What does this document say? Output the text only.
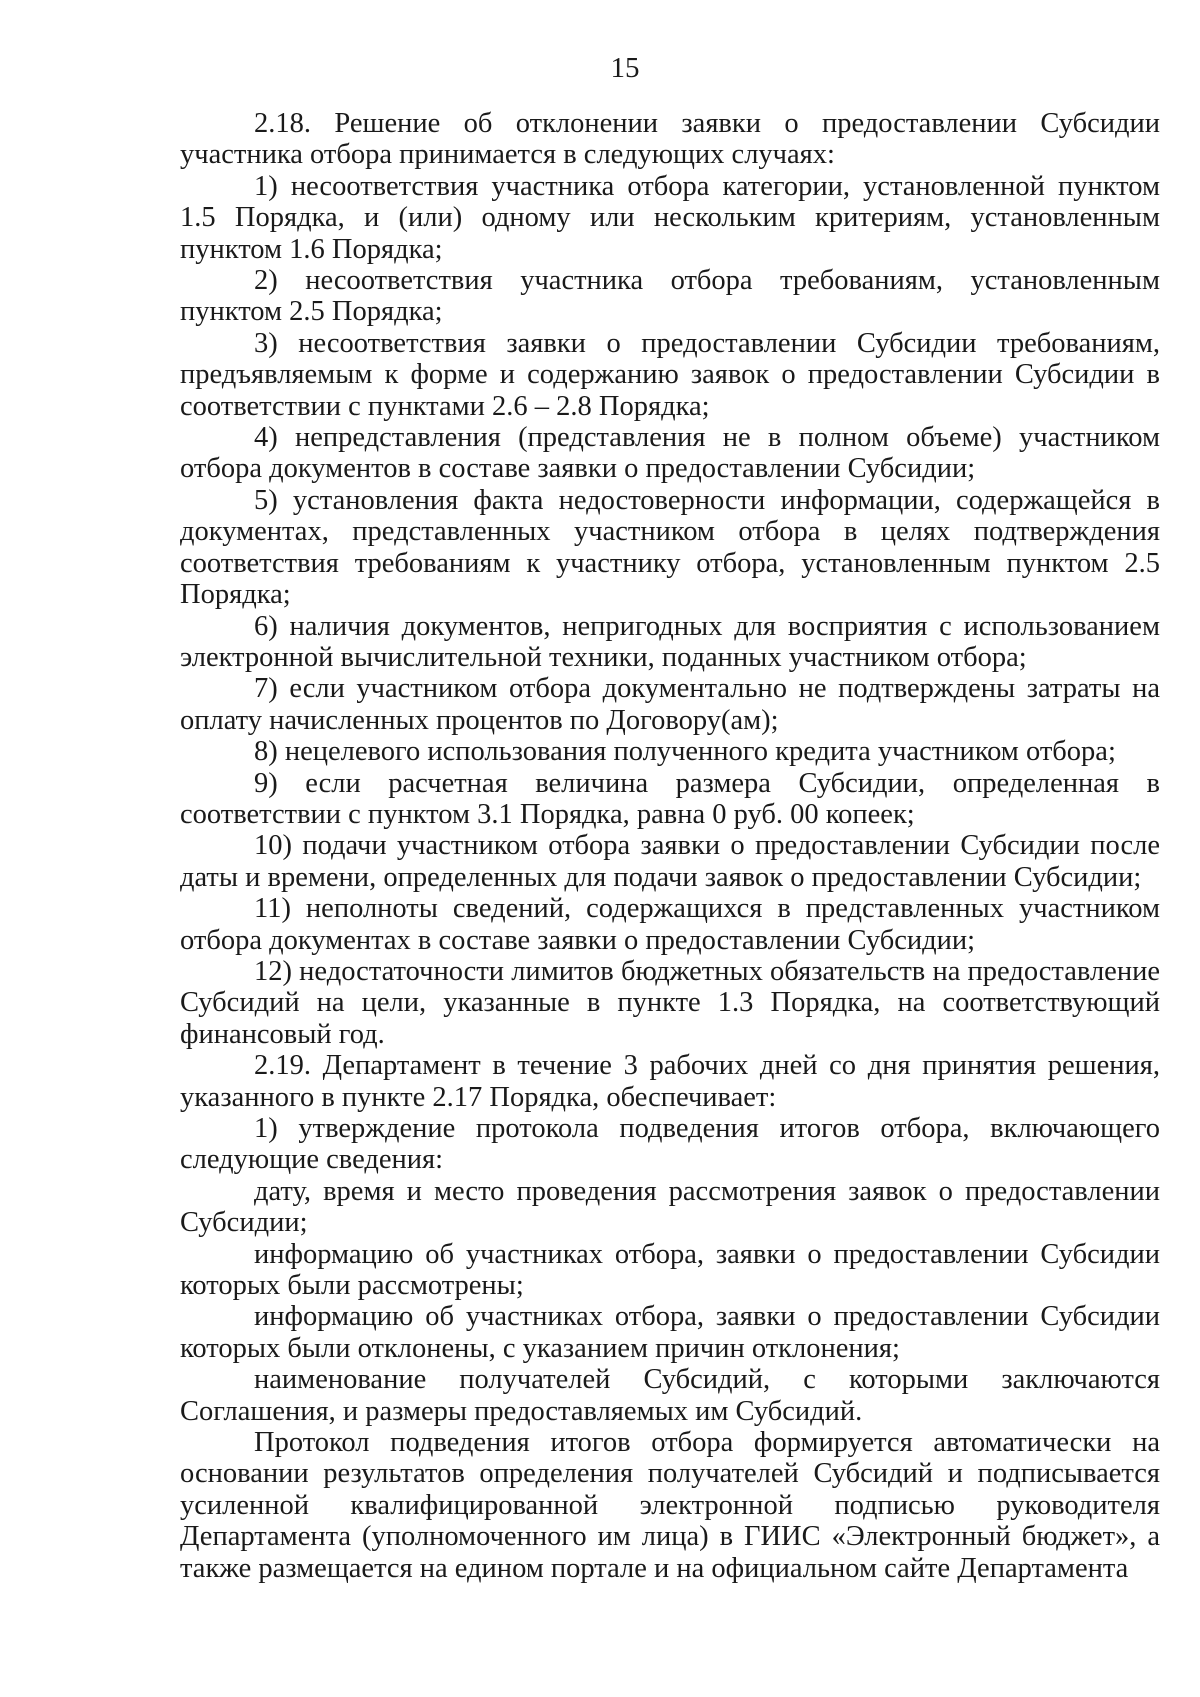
15

2.18. Решение об отклонении заявки о предоставлении Субсидии участника отбора принимается в следующих случаях:

1) несоответствия участника отбора категории, установленной пунктом 1.5 Порядка, и (или) одному или нескольким критериям, установленным пунктом 1.6 Порядка;

2) несоответствия участника отбора требованиям, установленным пунктом 2.5 Порядка;

3) несоответствия заявки о предоставлении Субсидии требованиям, предъявляемым к форме и содержанию заявок о предоставлении Субсидии в соответствии с пунктами 2.6 – 2.8 Порядка;

4) непредставления (представления не в полном объеме) участником отбора документов в составе заявки о предоставлении Субсидии;

5) установления факта недостоверности информации, содержащейся в документах, представленных участником отбора в целях подтверждения соответствия требованиям к участнику отбора, установленным пунктом 2.5 Порядка;

6) наличия документов, непригодных для восприятия с использованием электронной вычислительной техники, поданных участником отбора;

7) если участником отбора документально не подтверждены затраты на оплату начисленных процентов по Договору(ам);

8) нецелевого использования полученного кредита участником отбора;

9) если расчетная величина размера Субсидии, определенная в соответствии с пунктом 3.1 Порядка, равна 0 руб. 00 копеек;

10) подачи участником отбора заявки о предоставлении Субсидии после даты и времени, определенных для подачи заявок о предоставлении Субсидии;

11) неполноты сведений, содержащихся в представленных участником отбора документах в составе заявки о предоставлении Субсидии;

12) недостаточности лимитов бюджетных обязательств на предоставление Субсидий на цели, указанные в пункте 1.3 Порядка, на соответствующий финансовый год.

2.19. Департамент в течение 3 рабочих дней со дня принятия решения, указанного в пункте 2.17 Порядка, обеспечивает:

1) утверждение протокола подведения итогов отбора, включающего следующие сведения:

дату, время и место проведения рассмотрения заявок о предоставлении Субсидии;

информацию об участниках отбора, заявки о предоставлении Субсидии которых были рассмотрены;

информацию об участниках отбора, заявки о предоставлении Субсидии которых были отклонены, с указанием причин отклонения;

наименование получателей Субсидий, с которыми заключаются Соглашения, и размеры предоставляемых им Субсидий.

Протокол подведения итогов отбора формируется автоматически на основании результатов определения получателей Субсидий и подписывается усиленной квалифицированной электронной подписью руководителя Департамента (уполномоченного им лица) в ГИИС «Электронный бюджет», а также размещается на едином портале и на официальном сайте Департамента
